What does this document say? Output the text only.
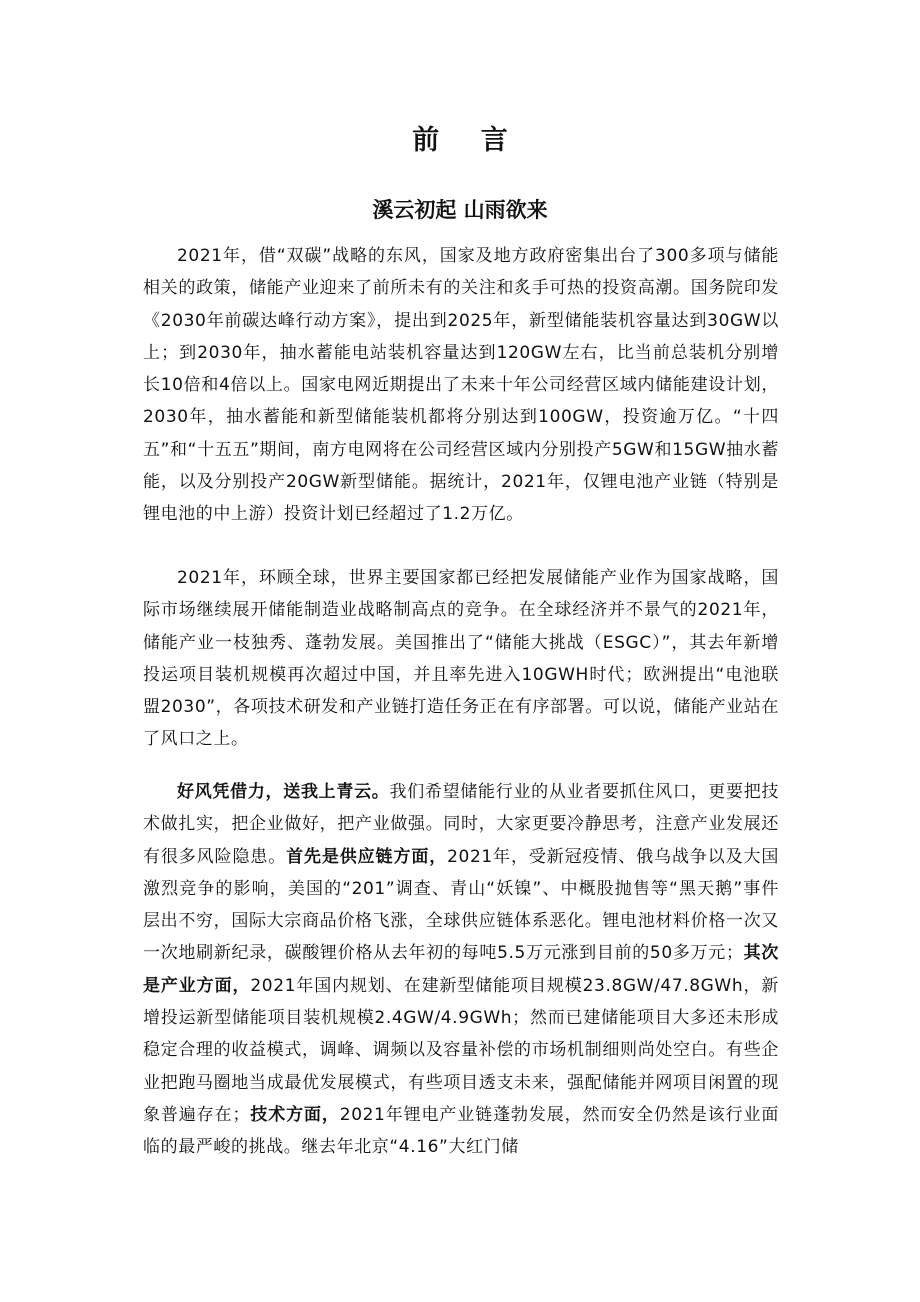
前 言
溪云初起 山雨欲来

2021年，借“双碳”战略的东风，国家及地方政府密集出台了300多项与储能相关的政策，储能产业迎来了前所未有的关注和炙手可热的投资高潮。国务院印发《2030年前碳达峰行动方案》，提出到2025年，新型储能装机容量达到30GW以上；到2030年，抽水蓄能电站装机容量达到120GW左右，比当前总装机分别增长10倍和4倍以上。国家电网近期提出了未来十年公司经营区域内储能建设计划，2030年，抽水蓄能和新型储能装机都将分别达到100GW，投资逾万亿。“十四五”和“十五五”期间，南方电网将在公司经营区域内分别投产5GW和15GW抽水蓄能，以及分别投产20GW新型储能。据统计，2021年，仅锂电池产业链（特别是锂电池的中上游）投资计划已经超过了1.2万亿。

2021年，环顾全球，世界主要国家都已经把发展储能产业作为国家战略，国际市场继续展开储能制造业战略制高点的竞争。在全球经济并不景气的2021年，储能产业一枝独秀、蓬勃发展。美国推出了“储能大挑战（ESGC）”，其去年新增投运项目装机规模再次超过中国，并且率先进入10GWH时代；欧洲提出“电池联盟2030”，各项技术研发和产业链打造任务正在有序部署。可以说，储能产业站在了风口之上。

好风凭借力，送我上青云。我们希望储能行业的从业者要抓住风口，更要把技术做扎实，把企业做好，把产业做强。同时，大家更要冷静思考，注意产业发展还有很多风险隐患。首先是供应链方面，2021年，受新冠疫情、俄乌战争以及大国激烈竞争的影响，美国的“201”调查、青山“妖镍”、中概股抛售等“黑天鹅”事件层出不穷，国际大宗商品价格飞涨，全球供应链体系恶化。锂电池材料价格一次又一次地刷新纪录，碳酸锂价格从去年初的每吨5.5万元涨到目前的50多万元；其次是产业方面，2021年国内规划、在建新型储能项目规模23.8GW/47.8GWh，新增投运新型储能项目装机规模2.4GW/4.9GWh；然而已建储能项目大多还未形成稳定合理的收益模式，调峰、调频以及容量补偿的市场机制细则尚处空白。有些企业把跑马圈地当成最优发展模式，有些项目透支未来，强配储能并网项目闲置的现象普遍存在；技术方面，2021年锂电产业链蓬勃发展，然而安全仍然是该行业面临的最严峻的挑战。继去年北京“4.16”大红门储
